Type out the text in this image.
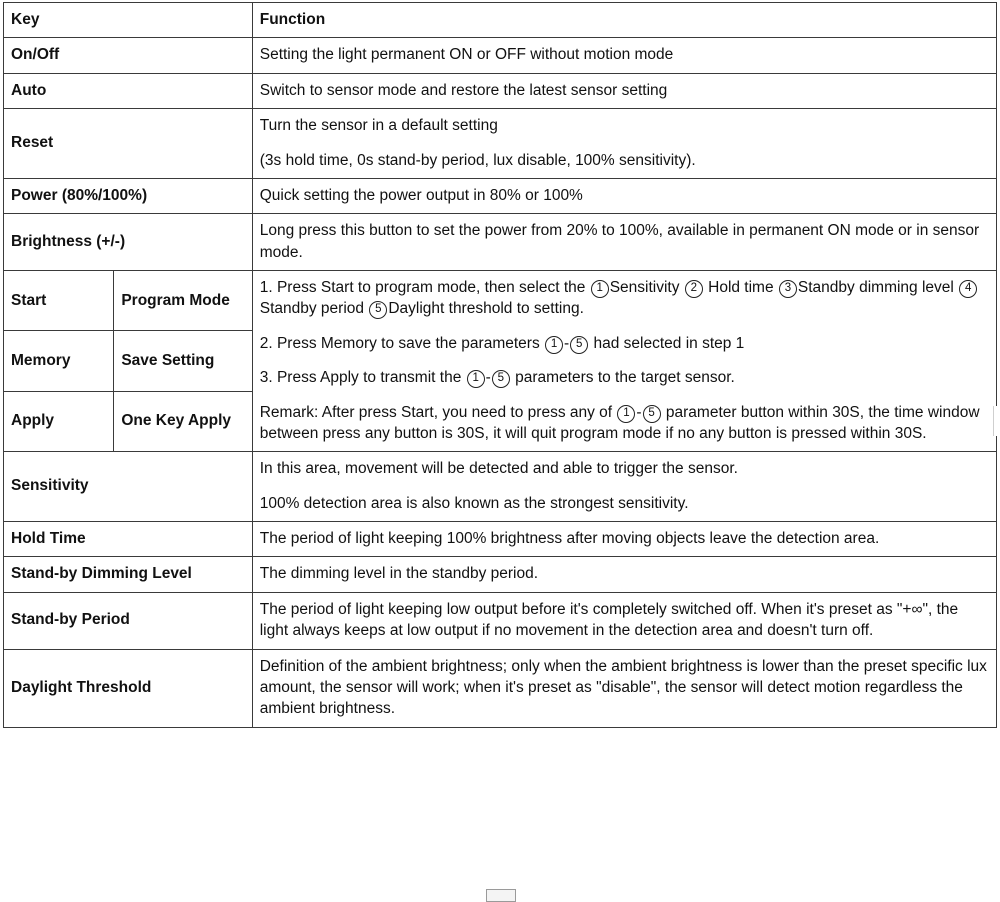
Key		Function
On/Off		Setting the light permanent ON or OFF without motion mode

Auto		Switch to sensor mode and restore the latest sensor setting

Reset		Turn the sensor in a default setting

(3s hold time, 0s stand-by period, lux disable, 100% sensitivity).

Power (80%/100%)		Quick setting the power output in 80% or 100%

Brightness (+/-)		Long press this button to set the power from 20% to 100%, available in permanent ON mode or in sensor mode.

Start	Program Mode	1. Press Start to program mode, then select the 1 Sensitivity 2 Hold time 3 Standby dimming level 4Standby period 5 Daylight threshold to setting.

2. Press Memory to save the parameters 1 - 5 had selected in step 1

3. Press Apply to transmit the 1 - 5 parameters to the target sensor.

Remark: After press Start, you need to press any of 1 - 5 parameter button within 30S, the time window between press any button is 30S, it will quit program mode if no any button is pressed within 30S.

Memory	Save Setting	
Apply	One Key Apply	
Sensitivity		In this area, movement will be detected and able to trigger the sensor.

100% detection area is also known as the strongest sensitivity.

Hold Time		The period of light keeping 100% brightness after moving objects leave the detection area.

Stand-by Dimming Level		The dimming level in the standby period.

Stand-by Period		The period of light keeping low output before it's completely switched off. When it's preset as "+∞", the light always keeps at low output if no movement in the detection area and doesn't turn off.

Daylight Threshold		Definition of the ambient brightness; only when the ambient brightness is lower than the preset specific lux amount, the sensor will work; when it's preset as "disable", the sensor will detect motion regardless the ambient brightness.
